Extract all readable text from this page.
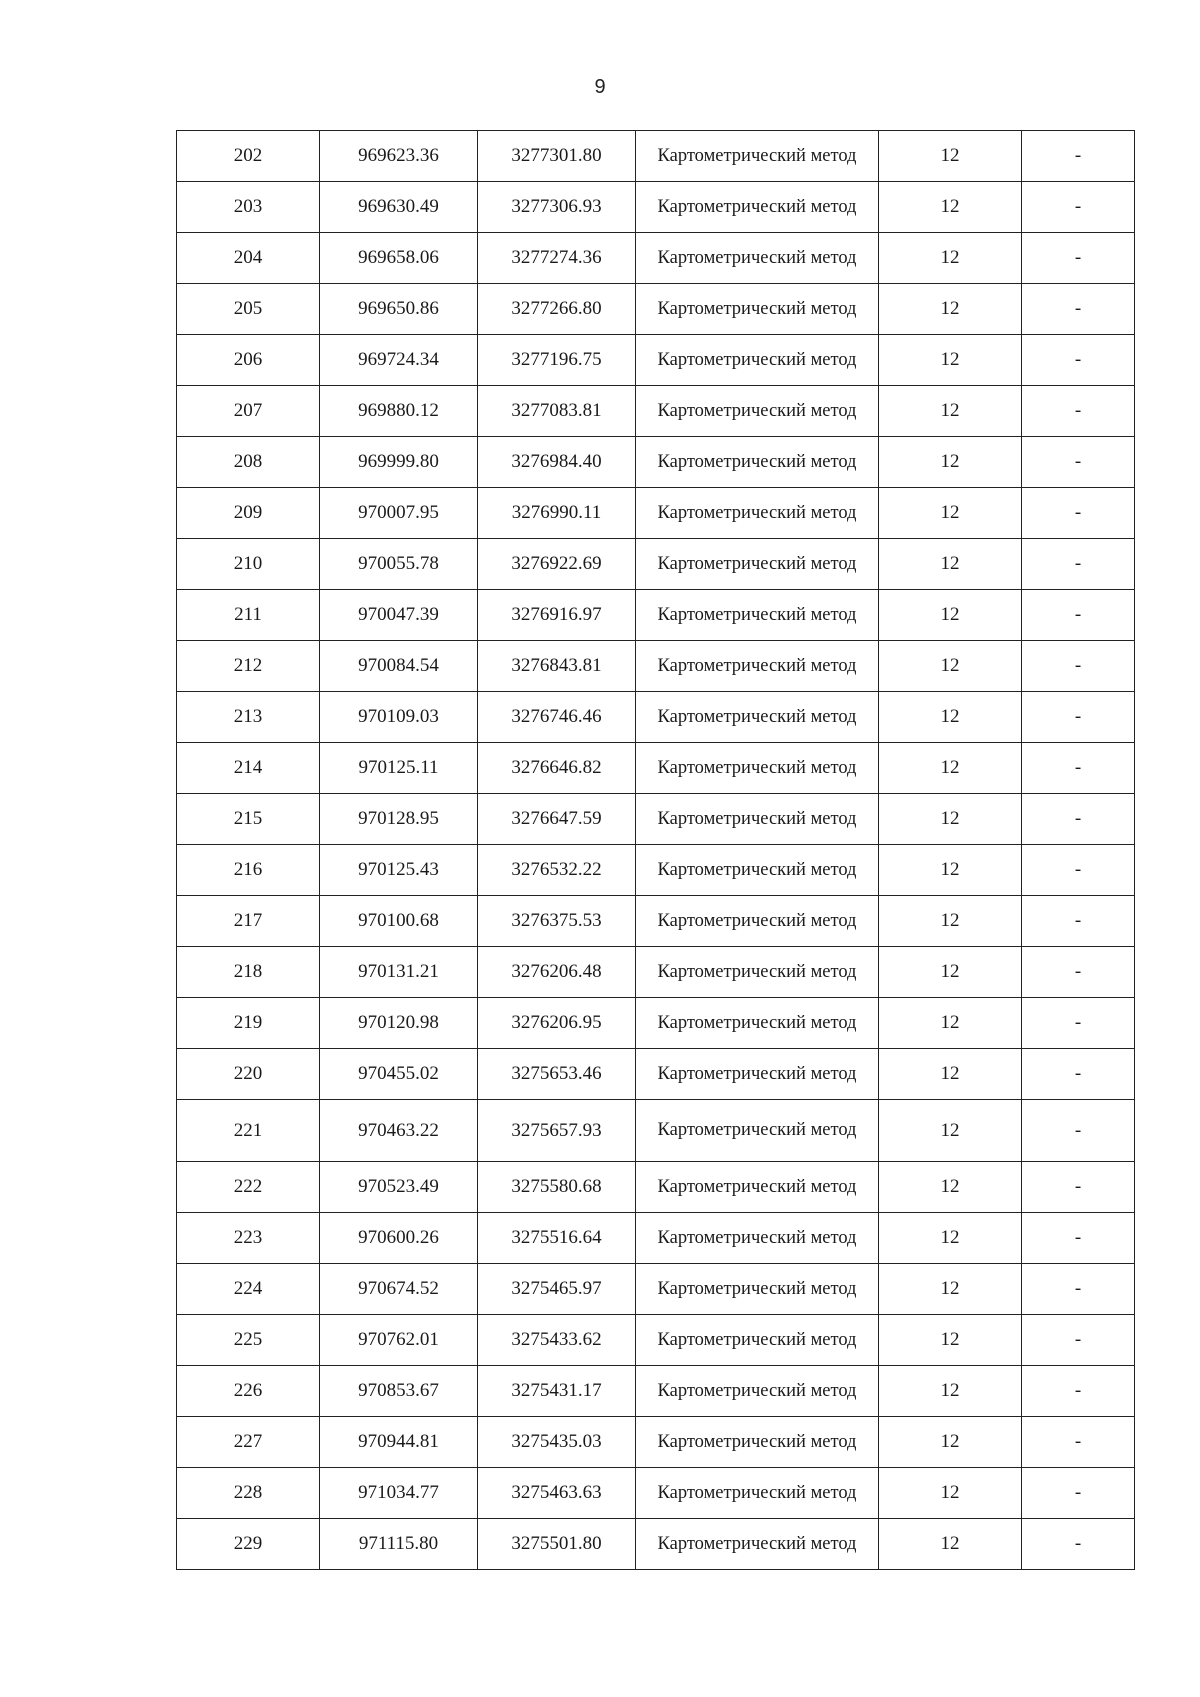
9
202	969623.36	3277301.80	Картометрический метод	12	-
203	969630.49	3277306.93	Картометрический метод	12	-
204	969658.06	3277274.36	Картометрический метод	12	-
205	969650.86	3277266.80	Картометрический метод	12	-
206	969724.34	3277196.75	Картометрический метод	12	-
207	969880.12	3277083.81	Картометрический метод	12	-
208	969999.80	3276984.40	Картометрический метод	12	-
209	970007.95	3276990.11	Картометрический метод	12	-
210	970055.78	3276922.69	Картометрический метод	12	-
211	970047.39	3276916.97	Картометрический метод	12	-
212	970084.54	3276843.81	Картометрический метод	12	-
213	970109.03	3276746.46	Картометрический метод	12	-
214	970125.11	3276646.82	Картометрический метод	12	-
215	970128.95	3276647.59	Картометрический метод	12	-
216	970125.43	3276532.22	Картометрический метод	12	-
217	970100.68	3276375.53	Картометрический метод	12	-
218	970131.21	3276206.48	Картометрический метод	12	-
219	970120.98	3276206.95	Картометрический метод	12	-
220	970455.02	3275653.46	Картометрический метод	12	-
221	970463.22	3275657.93	Картометрический метод	12	-
222	970523.49	3275580.68	Картометрический метод	12	-
223	970600.26	3275516.64	Картометрический метод	12	-
224	970674.52	3275465.97	Картометрический метод	12	-
225	970762.01	3275433.62	Картометрический метод	12	-
226	970853.67	3275431.17	Картометрический метод	12	-
227	970944.81	3275435.03	Картометрический метод	12	-
228	971034.77	3275463.63	Картометрический метод	12	-
229	971115.80	3275501.80	Картометрический метод	12	-
